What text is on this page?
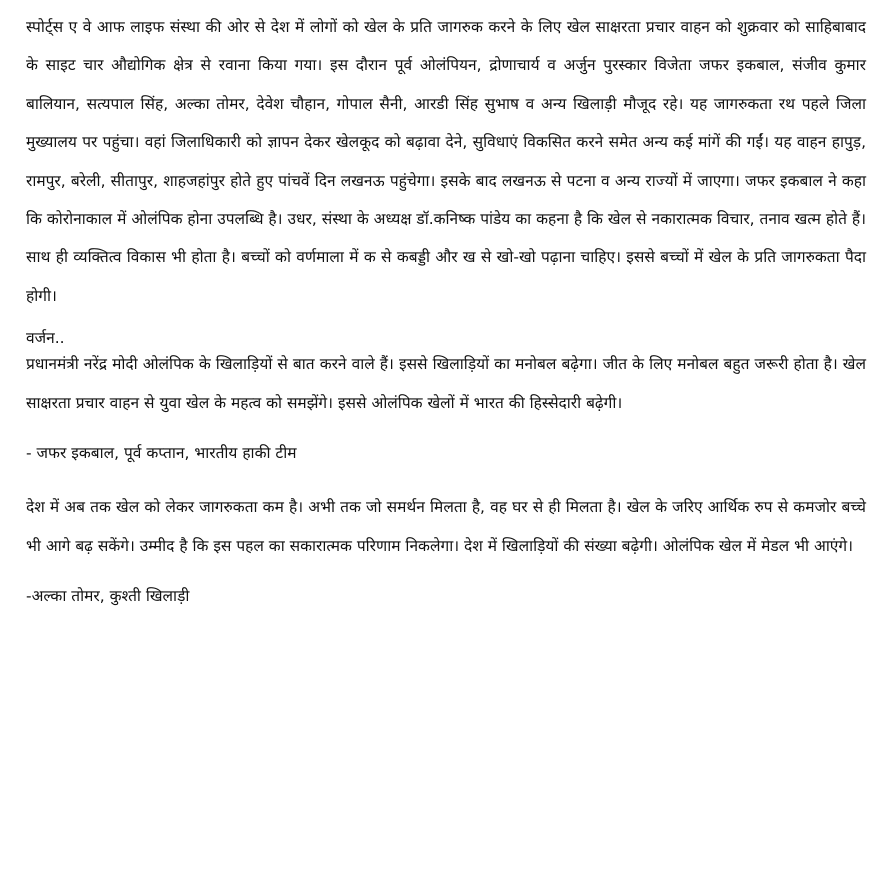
स्पोर्ट्स ए वे आफ लाइफ संस्था की ओर से देश में लोगों को खेल के प्रति जागरुक करने के लिए खेल साक्षरता प्रचार वाहन को शुक्रवार को साहिबाबाद के साइट चार औद्योगिक क्षेत्र से रवाना किया गया। इस दौरान पूर्व ओलंपियन, द्रोणाचार्य व अर्जुन पुरस्कार विजेता जफर इकबाल, संजीव कुमार बालियान, सत्यपाल सिंह, अल्का तोमर, देवेश चौहान, गोपाल सैनी, आरडी सिंह सुभाष व अन्य खिलाड़ी मौजूद रहे। यह जागरुकता रथ पहले जिला मुख्यालय पर पहुंचा। वहां जिलाधिकारी को ज्ञापन देकर खेलकूद को बढ़ावा देने, सुविधाएं विकसित करने समेत अन्य कई मांगें की गईं। यह वाहन हापुड़, रामपुर, बरेली, सीतापुर, शाहजहांपुर होते हुए पांचवें दिन लखनऊ पहुंचेगा। इसके बाद लखनऊ से पटना व अन्य राज्यों में जाएगा। जफर इकबाल ने कहा कि कोरोनाकाल में ओलंपिक होना उपलब्धि है। उधर, संस्था के अध्यक्ष डॉ.कनिष्क पांडेय का कहना है कि खेल से नकारात्मक विचार, तनाव खत्म होते हैं। साथ ही व्यक्तित्व विकास भी होता है। बच्चों को वर्णमाला में क से कबड्डी और ख से खो-खो पढ़ाना चाहिए। इससे बच्चों में खेल के प्रति जागरुकता पैदा होगी।

वर्जन..

प्रधानमंत्री नरेंद्र मोदी ओलंपिक के खिलाड़ियों से बात करने वाले हैं। इससे खिलाड़ियों का मनोबल बढ़ेगा। जीत के लिए मनोबल बहुत जरूरी होता है। खेल साक्षरता प्रचार वाहन से युवा खेल के महत्व को समझेंगे। इससे ओलंपिक खेलों में भारत की हिस्सेदारी बढ़ेगी।

- जफर इकबाल, पूर्व कप्तान, भारतीय हाकी टीम

देश में अब तक खेल को लेकर जागरुकता कम है। अभी तक जो समर्थन मिलता है, वह घर से ही मिलता है। खेल के जरिए आर्थिक रुप से कमजोर बच्चे भी आगे बढ़ सकेंगे। उम्मीद है कि इस पहल का सकारात्मक परिणाम निकलेगा। देश में खिलाड़ियों की संख्या बढ़ेगी। ओलंपिक खेल में मेडल भी आएंगे।

-अल्का तोमर, कुश्ती खिलाड़ी
